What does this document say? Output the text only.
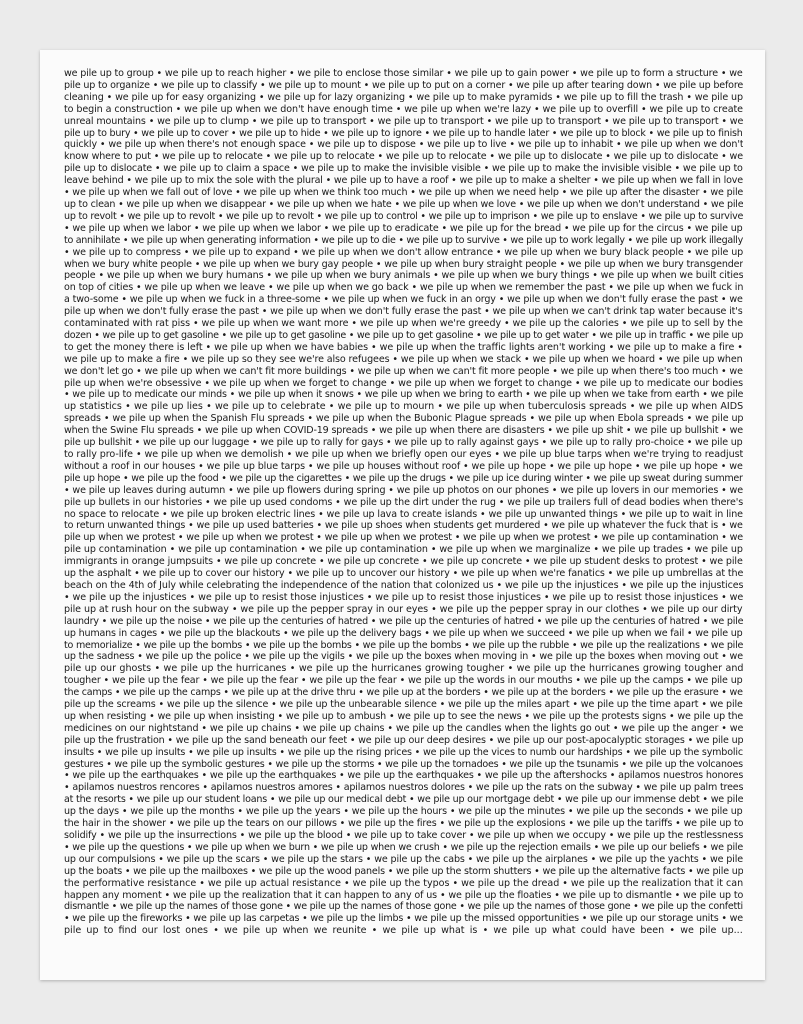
we pile up to group • we pile up to reach higher • we pile to enclose those similar • we pile up to gain power • we pile up to form a structure • we
pile up to organize • we pile up to classify • we pile up to mount • we pile up to put on a corner • we pile up after tearing down • we pile up before
cleaning • we pile up for easy organizing • we pile up for lazy organizing • we pile up to make pyramids • we pile up to fill the trash • we pile up
to begin a construction • we pile up when we don't have enough time • we pile up when we're lazy • we pile up to overfill • we pile up to create
unreal mountains • we pile up to clump • we pile up to transport • we pile up to transport • we pile up to transport • we pile up to transport • we
pile up to bury • we pile up to cover • we pile up to hide • we pile up to ignore • we pile up to handle later • we pile up to block • we pile up to finish
quickly • we pile up when there's not enough space • we pile up to dispose • we pile up to live • we pile up to inhabit • we pile up when we don't
know where to put • we pile up to relocate • we pile up to relocate • we pile up to relocate • we pile up to dislocate • we pile up to dislocate • we
pile up to dislocate • we pile up to claim a space • we pile up to make the invisible visible • we pile up to make the invisible visible • we pile up to
leave behind • we pile up to mix the sole with the plural • we pile up to have a roof • we pile up to make a shelter • we pile up when we fall in love
• we pile up when we fall out of love • we pile up when we think too much • we pile up when we need help • we pile up after the disaster • we pile
up to clean • we pile up when we disappear • we pile up when we hate • we pile up when we love • we pile up when we don't understand • we pile
up to revolt • we pile up to revolt • we pile up to revolt • we pile up to control • we pile up to imprison • we pile up to enslave • we pile up to survive
• we pile up when we labor • we pile up when we labor • we pile up to eradicate • we pile up for the bread • we pile up for the circus • we pile up
to annihilate • we pile up when generating information • we pile up to die • we pile up to survive • we pile up to work legally • we pile up work illegally
• we pile up to compress • we pile up to expand • we pile up when we don't allow entrance • we pile up when we bury black people • we pile up
when we bury white people • we pile up when we bury gay people • we pile up when bury straight people • we pile up when we bury transgender
people • we pile up when we bury humans • we pile up when we bury animals • we pile up when we bury things • we pile up when we built cities
on top of cities • we pile up when we leave • we pile up when we go back • we pile up when we remember the past • we pile up when we fuck in
a two-some • we pile up when we fuck in a three-some • we pile up when we fuck in an orgy • we pile up when we don't fully erase the past • we
pile up when we don't fully erase the past • we pile up when we don't fully erase the past • we pile up when we can't drink tap water because it's
contaminated with rat piss • we pile up when we want more • we pile up when we're greedy • we pile up the calories • we pile up to sell by the
dozen • we pile up to get gasoline • we pile up to get gasoline • we pile up to get gasoline • we pile up to get water • we pile up in traffic • we pile up
to get the money there is left • we pile up when we have babies • we pile up when the traffic lights aren't working • we pile up to make a fire •
we pile up to make a fire • we pile up so they see we're also refugees • we pile up when we stack • we pile up when we hoard • we pile up when
we don't let go • we pile up when we can't fit more buildings • we pile up when we can't fit more people • we pile up when there's too much • we
pile up when we're obsessive • we pile up when we forget to change • we pile up when we forget to change • we pile up to medicate our bodies
• we pile up to medicate our minds • we pile up when it snows • we pile up when we bring to earth • we pile up when we take from earth • we pile
up statistics • we pile up lies • we pile up to celebrate • we pile up to mourn • we pile up when tuberculosis spreads • we pile up when AIDS
spreads • we pile up when the Spanish Flu spreads • we pile up when the Bubonic Plague spreads • we pile up when Ebola spreads • we pile up
when the Swine Flu spreads • we pile up when COVID-19 spreads • we pile up when there are disasters • we pile up shit • we pile up bullshit • we
pile up bullshit • we pile up our luggage • we pile up to rally for gays • we pile up to rally against gays • we pile up to rally pro-choice • we pile up
to rally pro-life • we pile up when we demolish • we pile up when we briefly open our eyes • we pile up blue tarps when we're trying to readjust
without a roof in our houses • we pile up blue tarps • we pile up houses without roof • we pile up hope • we pile up hope • we pile up hope • we
pile up hope • we pile up the food • we pile up the cigarettes • we pile up the drugs • we pile up ice during winter • we pile up sweat during summer
• we pile up leaves during autumn • we pile up flowers during spring • we pile up photos on our phones • we pile up lovers in our memories • we
pile up bullets in our histories • we pile up used condoms • we pile up the dirt under the rug • we pile up trailers full of dead bodies when there's
no space to relocate • we pile up broken electric lines • we pile up lava to create islands • we pile up unwanted things • we pile up to wait in line
to return unwanted things • we pile up used batteries • we pile up shoes when students get murdered • we pile up whatever the fuck that is • we
pile up when we protest • we pile up when we protest • we pile up when we protest • we pile up when we protest • we pile up contamination • we
pile up contamination • we pile up contamination • we pile up contamination • we pile up when we marginalize • we pile up trades • we pile up
immigrants in orange jumpsuits • we pile up concrete • we pile up concrete • we pile up concrete • we pile up student desks to protest • we pile
up the asphalt • we pile up to cover our history • we pile up to uncover our history • we pile up when we're fanatics • we pile up umbrellas at the
beach on the 4th of July while celebrating the independence of the nation that colonized us • we pile up the injustices • we pile up the injustices
• we pile up the injustices • we pile up to resist those injustices • we pile up to resist those injustices • we pile up to resist those injustices • we
pile up at rush hour on the subway • we pile up the pepper spray in our eyes • we pile up the pepper spray in our clothes • we pile up our dirty
laundry • we pile up the noise • we pile up the centuries of hatred • we pile up the centuries of hatred • we pile up the centuries of hatred • we pile
up humans in cages • we pile up the blackouts • we pile up the delivery bags • we pile up when we succeed • we pile up when we fail • we pile up
to memorialize • we pile up the bombs • we pile up the bombs • we pile up the bombs • we pile up the rubble • we pile up the realizations • we pile
up the sadness • we pile up the police • we pile up the vigils • we pile up the boxes when moving in • we pile up the boxes when moving out • we
pile up our ghosts • we pile up the hurricanes • we pile up the hurricanes growing tougher • we pile up the hurricanes growing tougher and
tougher • we pile up the fear • we pile up the fear • we pile up the fear • we pile up the words in our mouths • we pile up the camps • we pile up
the camps • we pile up the camps • we pile up at the drive thru • we pile up at the borders • we pile up at the borders • we pile up the erasure • we
pile up the screams • we pile up the silence • we pile up the unbearable silence • we pile up the miles apart • we pile up the time apart • we pile
up when resisting • we pile up when insisting • we pile up to ambush • we pile up to see the news • we pile up the protests signs • we pile up the
medicines on our nightstand • we pile up chains • we pile up chains • we pile up the candles when the lights go out • we pile up the anger • we
pile up the frustration • we pile up the sand beneath our feet • we pile up our deep desires • we pile up our post-apocalyptic storages • we pile up
insults • we pile up insults • we pile up insults • we pile up the rising prices • we pile up the vices to numb our hardships • we pile up the symbolic
gestures • we pile up the symbolic gestures • we pile up the storms • we pile up the tornadoes • we pile up the tsunamis • we pile up the volcanoes
• we pile up the earthquakes • we pile up the earthquakes • we pile up the earthquakes • we pile up the aftershocks • apilamos nuestros honores
• apilamos nuestros rencores • apilamos nuestros amores • apilamos nuestros dolores • we pile up the rats on the subway • we pile up palm trees
at the resorts • we pile up our student loans • we pile up our medical debt • we pile up our mortgage debt • we pile up our immense debt • we pile
up the days • we pile up the months • we pile up the years • we pile up the hours • we pile up the minutes • we pile up the seconds • we pile up
the hair in the shower • we pile up the tears on our pillows • we pile up the fires • we pile up the explosions • we pile up the tariffs • we pile up to
solidify • we pile up the insurrections • we pile up the blood • we pile up to take cover • we pile up when we occupy • we pile up the restlessness
• we pile up the questions • we pile up when we burn • we pile up when we crush • we pile up the rejection emails • we pile up our beliefs • we pile
up our compulsions • we pile up the scars • we pile up the stars • we pile up the cabs • we pile up the airplanes • we pile up the yachts • we pile
up the boats • we pile up the mailboxes • we pile up the wood panels • we pile up the storm shutters • we pile up the alternative facts • we pile up
the performative resistance • we pile up actual resistance • we pile up the typos • we pile up the dread • we pile up the realization that it can
happen any moment • we pile up the realization that it can happen to any of us • we pile up the floaties • we pile up to dismantle • we pile up to
dismantle • we pile up the names of those gone • we pile up the names of those gone • we pile up the names of those gone • we pile up the confetti
• we pile up the fireworks • we pile up las carpetas • we pile up the limbs • we pile up the missed opportunities • we pile up our storage units • we
pile up to find our lost ones • we pile up when we reunite • we pile up what is • we pile up what could have been • we pile up...
